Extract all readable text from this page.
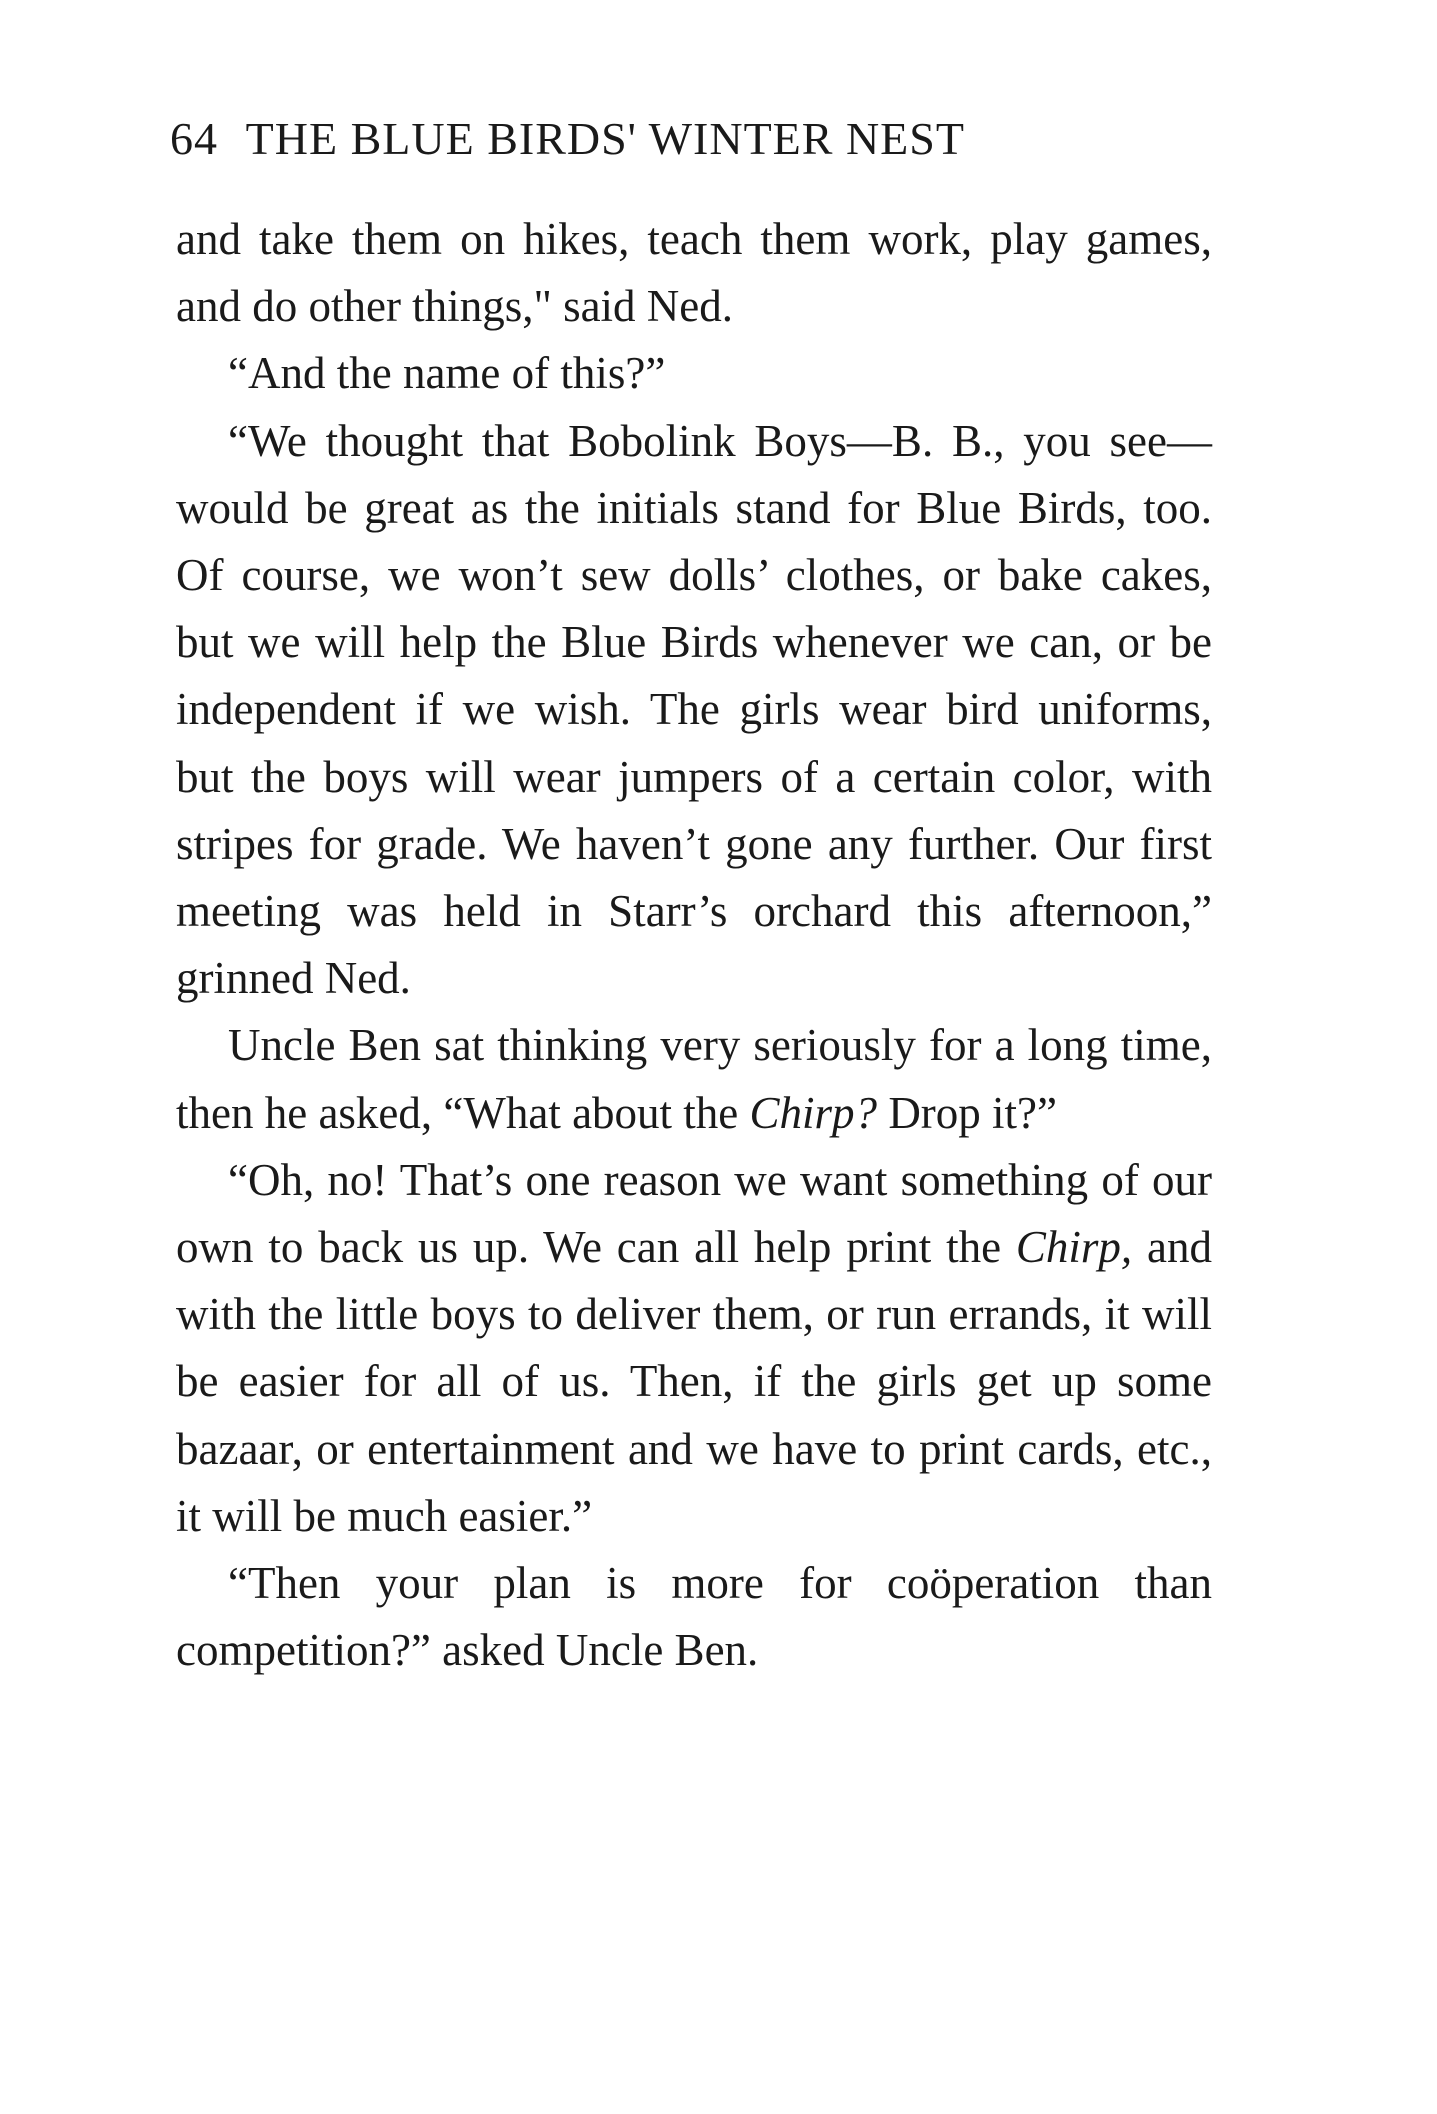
64 THE BLUE BIRDS' WINTER NEST

and take them on hikes, teach them work, play games, and do other things," said Ned.

“And the name of this?”

“We thought that Bobolink Boys—B. B., you see—would be great as the initials stand for Blue Birds, too. Of course, we won’t sew dolls’ clothes, or bake cakes, but we will help the Blue Birds whenever we can, or be independent if we wish. The girls wear bird uniforms, but the boys will wear jumpers of a certain color, with stripes for grade. We haven’t gone any further. Our first meeting was held in Starr’s orchard this afternoon,” grinned Ned.

Uncle Ben sat thinking very seriously for a long time, then he asked, “What about the Chirp? Drop it?”

“Oh, no! That’s one reason we want something of our own to back us up. We can all help print the Chirp, and with the little boys to deliver them, or run errands, it will be easier for all of us. Then, if the girls get up some bazaar, or entertainment and we have to print cards, etc., it will be much easier.”

“Then your plan is more for coöperation than competition?” asked Uncle Ben.
